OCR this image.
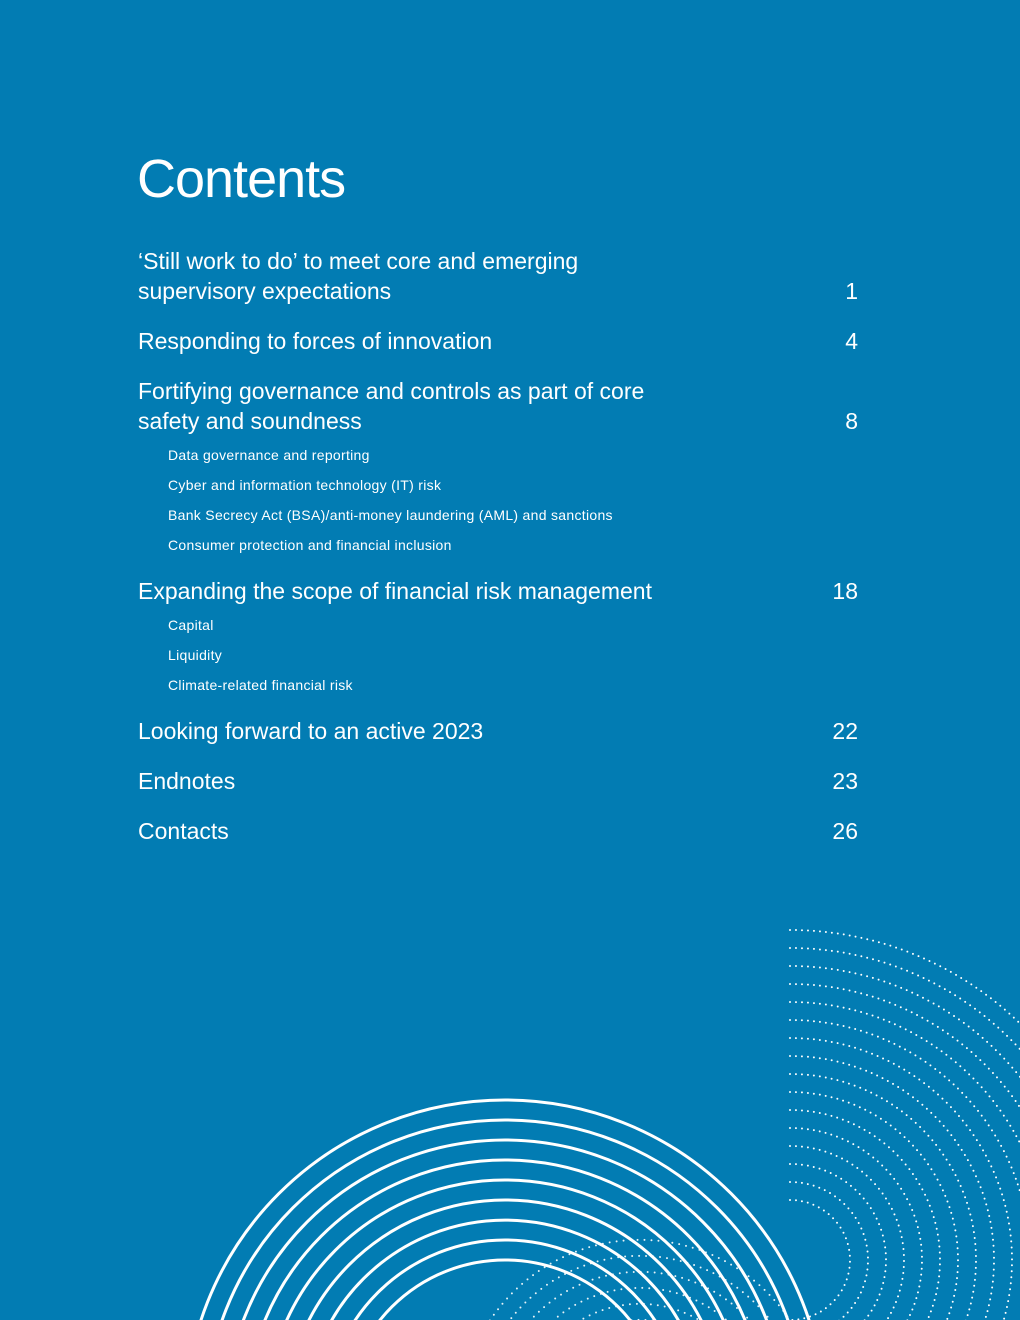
Contents
‘Still work to do’ to meet core and emerging supervisory expectations	1
Responding to forces of innovation	4
Fortifying governance and controls as part of core safety and soundness	8
Data governance and reporting
Cyber and information technology (IT) risk
Bank Secrecy Act (BSA)/anti-money laundering (AML) and sanctions
Consumer protection and financial inclusion
Expanding the scope of financial risk management	18
Capital
Liquidity
Climate-related financial risk
Looking forward to an active 2023	22
Endnotes	23
Contacts	26
